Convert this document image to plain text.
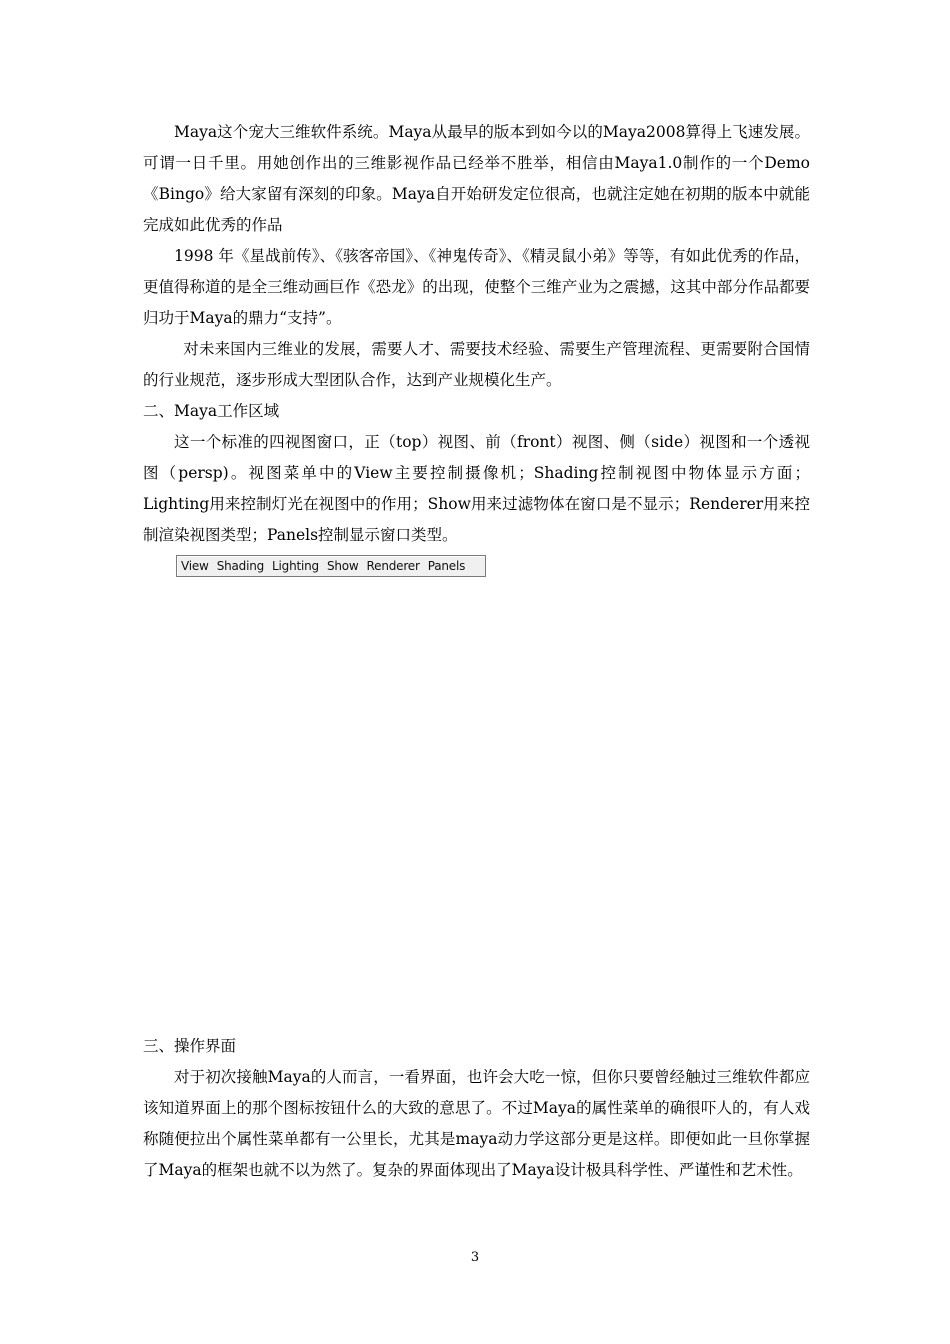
Maya这个宠大三维软件系统。Maya从最早的版本到如今以的Maya2008算得上飞速发展。可谓一日千里。用她创作出的三维影视作品已经举不胜举，相信由Maya1.0制作的一个Demo《Bingo》给大家留有深刻的印象。Maya自开始研发定位很高，也就注定她在初期的版本中就能完成如此优秀的作品

1998 年《星战前传》、《骇客帝国》、《神鬼传奇》、《精灵鼠小弟》等等，有如此优秀的作品，更值得称道的是全三维动画巨作《恐龙》的出现，使整个三维产业为之震撼，这其中部分作品都要归功于Maya的鼎力“支持”。

对未来国内三维业的发展，需要人才、需要技术经验、需要生产管理流程、更需要附合国情的行业规范，逐步形成大型团队合作，达到产业规模化生产。

二、Maya工作区域

这一个标准的四视图窗口，正（top）视图、前（front）视图、侧（side）视图和一个透视图（persp)。视图菜单中的View主要控制摄像机；Shading控制视图中物体显示方面；Lighting用来控制灯光在视图中的作用；Show用来过滤物体在窗口是不显示；Renderer用来控制渲染视图类型；Panels控制显示窗口类型。

View Shading Lighting Show Renderer Panels

三、操作界面

对于初次接触Maya的人而言，一看界面，也许会大吃一惊，但你只要曾经触过三维软件都应该知道界面上的那个图标按钮什么的大致的意思了。不过Maya的属性菜单的确很吓人的，有人戏称随便拉出个属性菜单都有一公里长，尤其是maya动力学这部分更是这样。即便如此一旦你掌握了Maya的框架也就不以为然了。复杂的界面体现出了Maya设计极具科学性、严谨性和艺术性。

3
